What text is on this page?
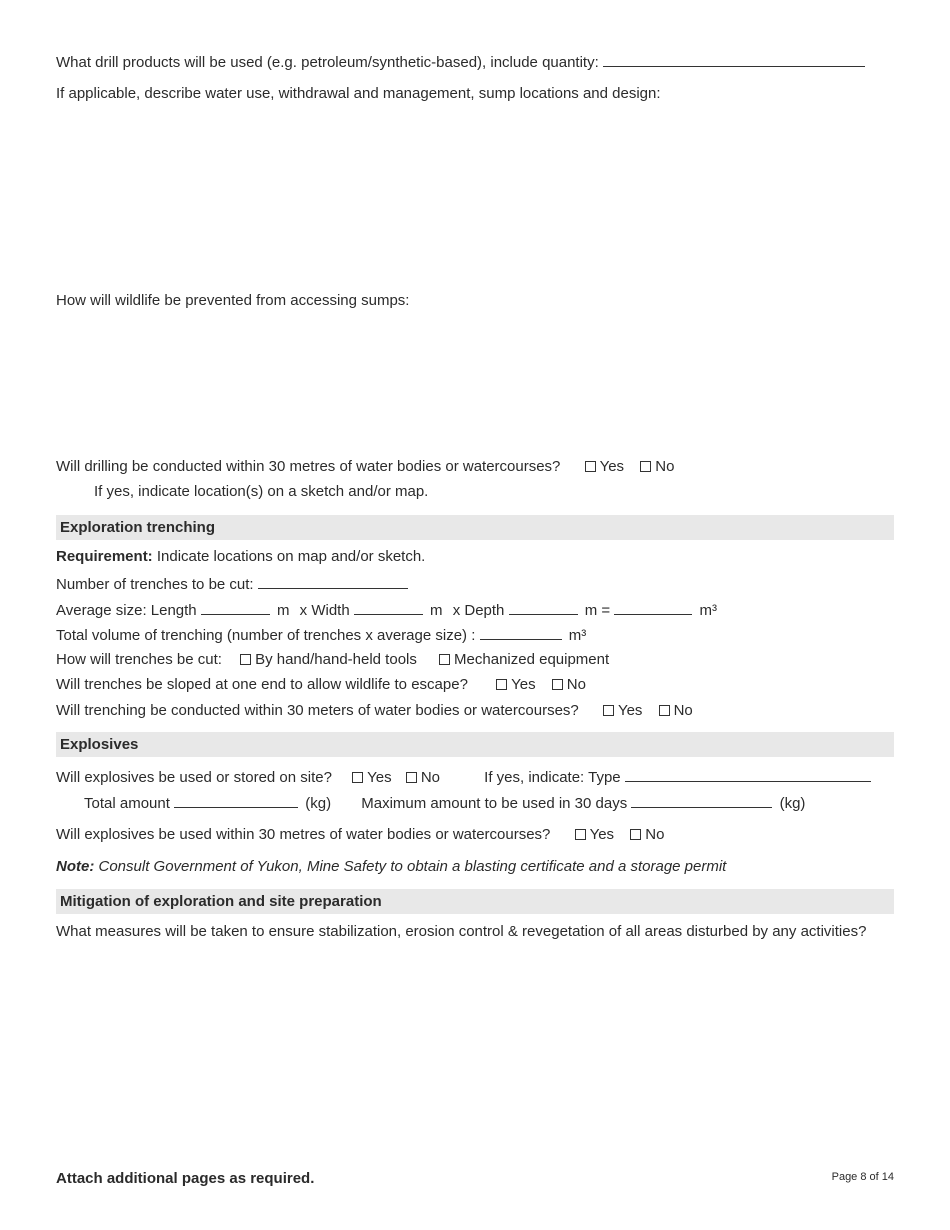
What drill products will be used (e.g. petroleum/synthetic-based), include quantity:
If applicable, describe water use, withdrawal and management, sump locations and design:
How will wildlife be prevented from accessing sumps:
Will drilling be conducted within 30 metres of water bodies or watercourses?	Yes No
If yes, indicate location(s) on a sketch and/or map.
Exploration trenching
Requirement: Indicate locations on map and/or sketch.
Number of trenches to be cut:
Average size: Length	m x Width	m x Depth	m =	m³
Total volume of trenching (number of trenches x average size) :	m³
How will trenches be cut: By hand/hand-held tools Mechanized equipment
Will trenches be sloped at one end to allow wildlife to escape?	Yes No
Will trenching be conducted within 30 meters of water bodies or watercourses?	Yes No
Explosives
Will explosives be used or stored on site? Yes No	If yes, indicate: Type
Total amount	(kg) Maximum amount to be used in 30 days	(kg)
Will explosives be used within 30 metres of water bodies or watercourses?	Yes No
Note: Consult Government of Yukon, Mine Safety to obtain a blasting certificate and a storage permit
Mitigation of exploration and site preparation
What measures will be taken to ensure stabilization, erosion control & revegetation of all areas disturbed by any activities?
Attach additional pages as required.	Page 8 of 14
